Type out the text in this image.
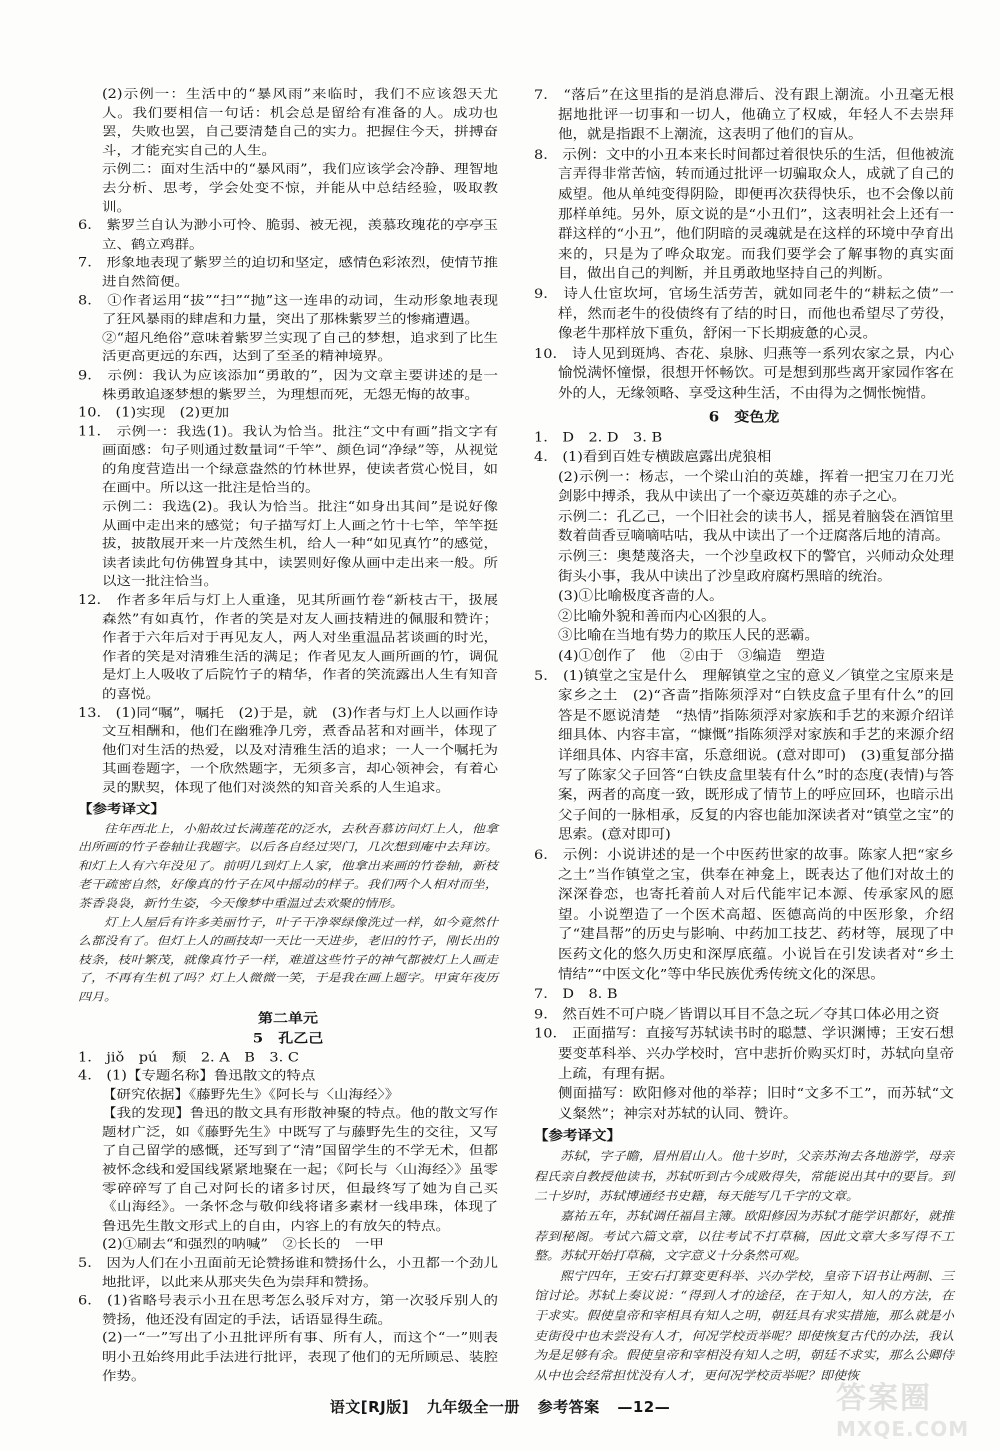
(2)示例一：生活中的“暴风雨”来临时，我们不应该怨天尤人。我们要相信一句话：机会总是留给有准备的人。成功也罢，失败也罢，自己要清楚自己的实力。把握住今天，拼搏奋斗，才能充实自己的人生。

示例二：面对生活中的“暴风雨”，我们应该学会冷静、理智地去分析、思考，学会处变不惊，并能从中总结经验，吸取教训。

6.　紫罗兰自认为渺小可怜、脆弱、被无视，羡慕玫瑰花的亭亭玉立、鹤立鸡群。

7.　形象地表现了紫罗兰的迫切和坚定，感情色彩浓烈，使情节推进自然简便。

8.　①作者运用“拔”“扫”“抛”这一连串的动词，生动形象地表现了狂风暴雨的肆虐和力量，突出了那株紫罗兰的惨痛遭遇。

②“超凡绝俗”意味着紫罗兰实现了自己的梦想，追求到了比生活更高更远的东西，达到了至圣的精神境界。

9.　示例：我认为应该添加“勇敢的”，因为文章主要讲述的是一株勇敢追逐梦想的紫罗兰，为理想而死，无怨无悔的故事。

10.　(1)实现　(2)更加

11.　示例一：我选(1)。我认为恰当。批注“文中有画”指文字有画面感：句子则通过数量词“千竿”、颜色词“净绿”等，从视觉的角度营造出一个绿意盎然的竹林世界，使读者赏心悦目，如在画中。所以这一批注是恰当的。

示例二：我选(2)。我认为恰当。批注“如身出其间”是说好像从画中走出来的感觉；句子描写灯上人画之竹十七竿，竿竿挺拔，披散展开来一片茂然生机，给人一种“如见真竹”的感觉，读者读此句仿佛置身其中，读罢则好像从画中走出来一般。所以这一批注恰当。

12.　作者多年后与灯上人重逢，见其所画竹卷“新枝古干，扱展森然”有如真竹，作者的笑是对友人画技精进的佩服和赞许；作者于六年后对于再见友人，两人对坐重温品茗谈画的时光，作者的笑是对清雅生活的满足；作者见友人画所画的竹，调侃是灯上人吸收了后院竹子的精华，作者的笑流露出人生有知音的喜悦。

13.　(1)同“嘱”，嘱托　(2)于是，就　(3)作者与灯上人以画作诗文互相酬和，他们在幽雅净几旁，煮香品茗和对画半，体现了他们对生活的热爱，以及对清雅生活的追求；一人一个嘱托为其画卷题字，一个欣然题字，无须多言，却心领神会，有着心灵的默契，体现了他们对淡然的知音关系的人生追求。

【参考译文】

往年西北上，小船故过长满莲花的泛水，去秋吾慕访问灯上人，他拿出所画的竹子卷轴让我题字。以后各自经过哭门，几次想到庵中去拜访。和灯上人有六年没见了。前明几到灯上人家，他拿出来画的竹卷轴，新枝老干疏密自然，好像真的竹子在风中摇动的样子。我们两个人相对而坐，茶香袅袅，新竹生姿，今天像梦中重温过去欢聚的情形。

灯上人屋后有许多美丽竹子，叶子干净翠绿像洗过一样，如今竟然什么都没有了。但灯上人的画技却一天比一天进步，老旧的竹子，刚长出的枝条，枝叶繁茂，就像真竹子一样，难道这些竹子的神气都被灯上人画走了，不再有生机了吗？灯上人微微一笑，于是我在画上题字。甲寅年夜历四月。

第二单元
5　孔乙己

1.　jiǒ　pú　颓　2. A　B　3. C

4.　(1)【专题名称】鲁迅散文的特点

【研究依据】《藤野先生》《阿长与〈山海经〉》

【我的发现】鲁迅的散文具有形散神聚的特点。他的散文写作题材广泛，如《藤野先生》中既写了与藤野先生的交往，又写了自己留学的感慨，还写到了“清”国留学生的不学无术，但都被怀念线和爱国线紧紧地聚在一起；《阿长与〈山海经〉》虽零零碎碎写了自己对阿长的诸多讨厌，但最终写了她为自己买《山海经》。一条怀念与敬仰线将诸多素材一线串珠，体现了鲁迅先生散文形式上的自由，内容上的有放矢的特点。

(2)①刷去“和强烈的呐喊”　②长长的　一甲

5.　因为人们在小丑面前无论赞扬谁和赞扬什么，小丑都一个劲儿地批评，以此来从那夹失色为崇拜和赞扬。

6.　(1)省略号表示小丑在思考怎么驳斥对方，第一次驳斥别人的赞扬，他还没有固定的手法，话语显得生疏。

(2)一“一”写出了小丑批评所有事、所有人，而这个“一”则表明小丑始终用此手法进行批评，表现了他们的无所顾忌、装腔作势。

7.　“落后”在这里指的是消息滞后、没有跟上潮流。小丑毫无根据地批评一切事和一切人，他确立了权威，年轻人不去崇拜他，就是指跟不上潮流，这表明了他们的盲从。

8.　示例：文中的小丑本来长时间都过着很快乐的生活，但他被流言弄得非常苦恼，转而通过批评一切骗取众人，成就了自己的威望。他从单纯变得阴险，即便再次获得快乐，也不会像以前那样单纯。另外，原文说的是“小丑们”，这表明社会上还有一群这样的“小丑”，他们阴暗的灵魂就是在这样的环境中孕育出来的，只是为了哗众取宠。而我们要学会了解事物的真实面目，做出自己的判断，并且勇敢地坚持自己的判断。

9.　诗人仕宦坎坷，官场生活劳苦，就如同老牛的“耕耘之债”一样，然而老牛的役债终有了结的时日，而他也希望尽了劳役，像老牛那样放下重负，舒闲一下长期疲惫的心灵。

10.　诗人见到斑鸠、杏花、泉脉、归燕等一系列农家之景，内心愉悦满怀憧憬，很想开怀畅饮。可是想到那些离开家园作客在外的人，无缘领略、享受这种生活，不由得为之惆怅惋惜。

6　变色龙

1.　D　2. D　3. B

4.　(1)看到百姓专横跋扈露出虎狼相

(2)示例一：杨志，一个梁山泊的英雄，挥着一把宝刀在刀光剑影中搏杀，我从中读出了一个豪迈英雄的赤子之心。

示例二：孔乙己，一个旧社会的读书人，摇晃着脑袋在酒馆里数着茴香豆嘀嘀咕咕，我从中读出了一个迂腐落后地的清高。

示例三：奥楚蔑洛夫，一个沙皇政权下的警官，兴师动众处理街头小事，我从中读出了沙皇政府腐朽黑暗的统治。

(3)①比喻极度吝啬的人。

②比喻外貌和善而内心凶狠的人。

③比喻在当地有势力的欺压人民的恶霸。

(4)①创作了　他　②由于　③编造　塑造

5.　(1)镇堂之宝是什么　理解镇堂之宝的意义／镇堂之宝原来是家乡之土　(2)“吝啬”指陈须浮对“白铁皮盒子里有什么”的回答是不愿说清楚　“热情”指陈须浮对家族和手艺的来源介绍详细具体、内容丰富，“慷慨”指陈须浮对家族和手艺的来源介绍详细具体、内容丰富，乐意细说。(意对即可)　(3)重复部分描写了陈家父子回答“白铁皮盒里装有什么”时的态度(表情)与答案，两者的高度一致，既形成了情节上的呼应回环，也暗示出父子间的一脉相承，反复的内容也能加深读者对“镇堂之宝”的思索。(意对即可)

6.　示例：小说讲述的是一个中医药世家的故事。陈家人把“家乡之土”当作镇堂之宝，供奉在神龛上，既表达了他们对故土的深深眷恋，也寄托着前人对后代能牢记本源、传承家风的愿望。小说塑造了一个医术高超、医德高尚的中医形象，介绍了“建昌帮”的历史与影响、中药加工技艺、药材等，展现了中医药文化的悠久历史和深厚底蕴。小说旨在引发读者对“乡土情结”“中医文化”等中华民族优秀传统文化的深思。

7.　D　8. B

9.　然百姓不可户晓／皆谓以耳目不急之玩／夺其口体必用之资

10.　正面描写：直接写苏轼读书时的聪慧、学识渊博；王安石想要变革科举、兴办学校时，宫中悲折价购买灯时，苏轼向皇帝上疏，有理有据。

侧面描写：欧阳修对他的举荐；旧时“文多不工”，而苏轼“文义粲然”；神宗对苏轼的认同、赞许。

【参考译文】

苏轼，字子瞻，眉州眉山人。他十岁时，父亲苏洵去各地游学，母亲程氏亲自教授他读书，苏轼听到古今成败得失，常能说出其中的要旨。到二十岁时，苏轼博通经书史籍，每天能写几千字的文章。

嘉祐五年，苏轼调任福昌主簿。欧阳修因为苏轼才能学识都好，就推荐到秘阁。考试六篇文章，以往考试不打草稿，因此文章大多写得不工整。苏轼开始打草稿，文字意义十分条然可观。

熙宁四年，王安石打算变更科举、兴办学校，皇帝下诏书让两制、三馆讨论。苏轼上奏议说：“得到人才的途径，在于知人，知人的方法，在于求实。假使皇帝和宰相具有知人之明，朝廷具有求实措施，那么就是小吏街役中也未尝没有人才，何况学校贡举呢？即使恢复古代的办法，我认为是足够有余。假使皇帝和宰相没有知人之明，朝廷不求实，那么公卿侍从中也会经常担忧没有人才，更何况学校贡举呢？即使恢

语文[RJ版] 九年级全一册 参考答案 —12—	答案圈
MXQE.COM
